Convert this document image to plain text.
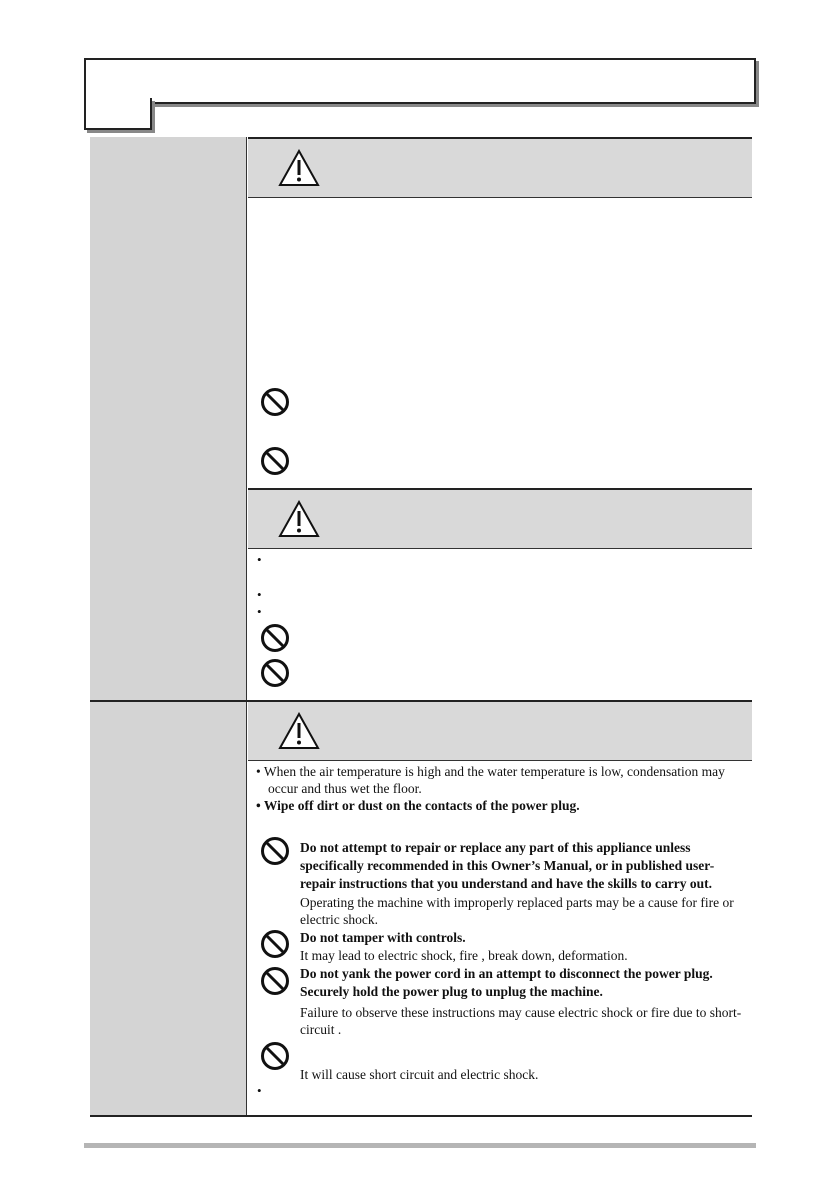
•
•
•
• When the air temperature is high and the water temperature is low, condensation may
occur and thus wet the floor.
• Wipe off dirt or dust on the contacts of the power plug.
Do not attempt to repair or replace any part of this appliance unless
specifically recommended in this Owner’s Manual, or in published user-
repair instructions that you understand and have the skills to carry out.
Operating the machine with improperly replaced parts may be a cause for fire or
electric shock.
Do not tamper with controls.
It may lead to electric shock, fire , break down, deformation.
Do not yank the power cord in an attempt to disconnect the power plug.
Securely hold the power plug to unplug the machine.
Failure to observe these instructions may cause electric shock or fire due to short-
circuit .
It will cause short circuit and electric shock.
•
